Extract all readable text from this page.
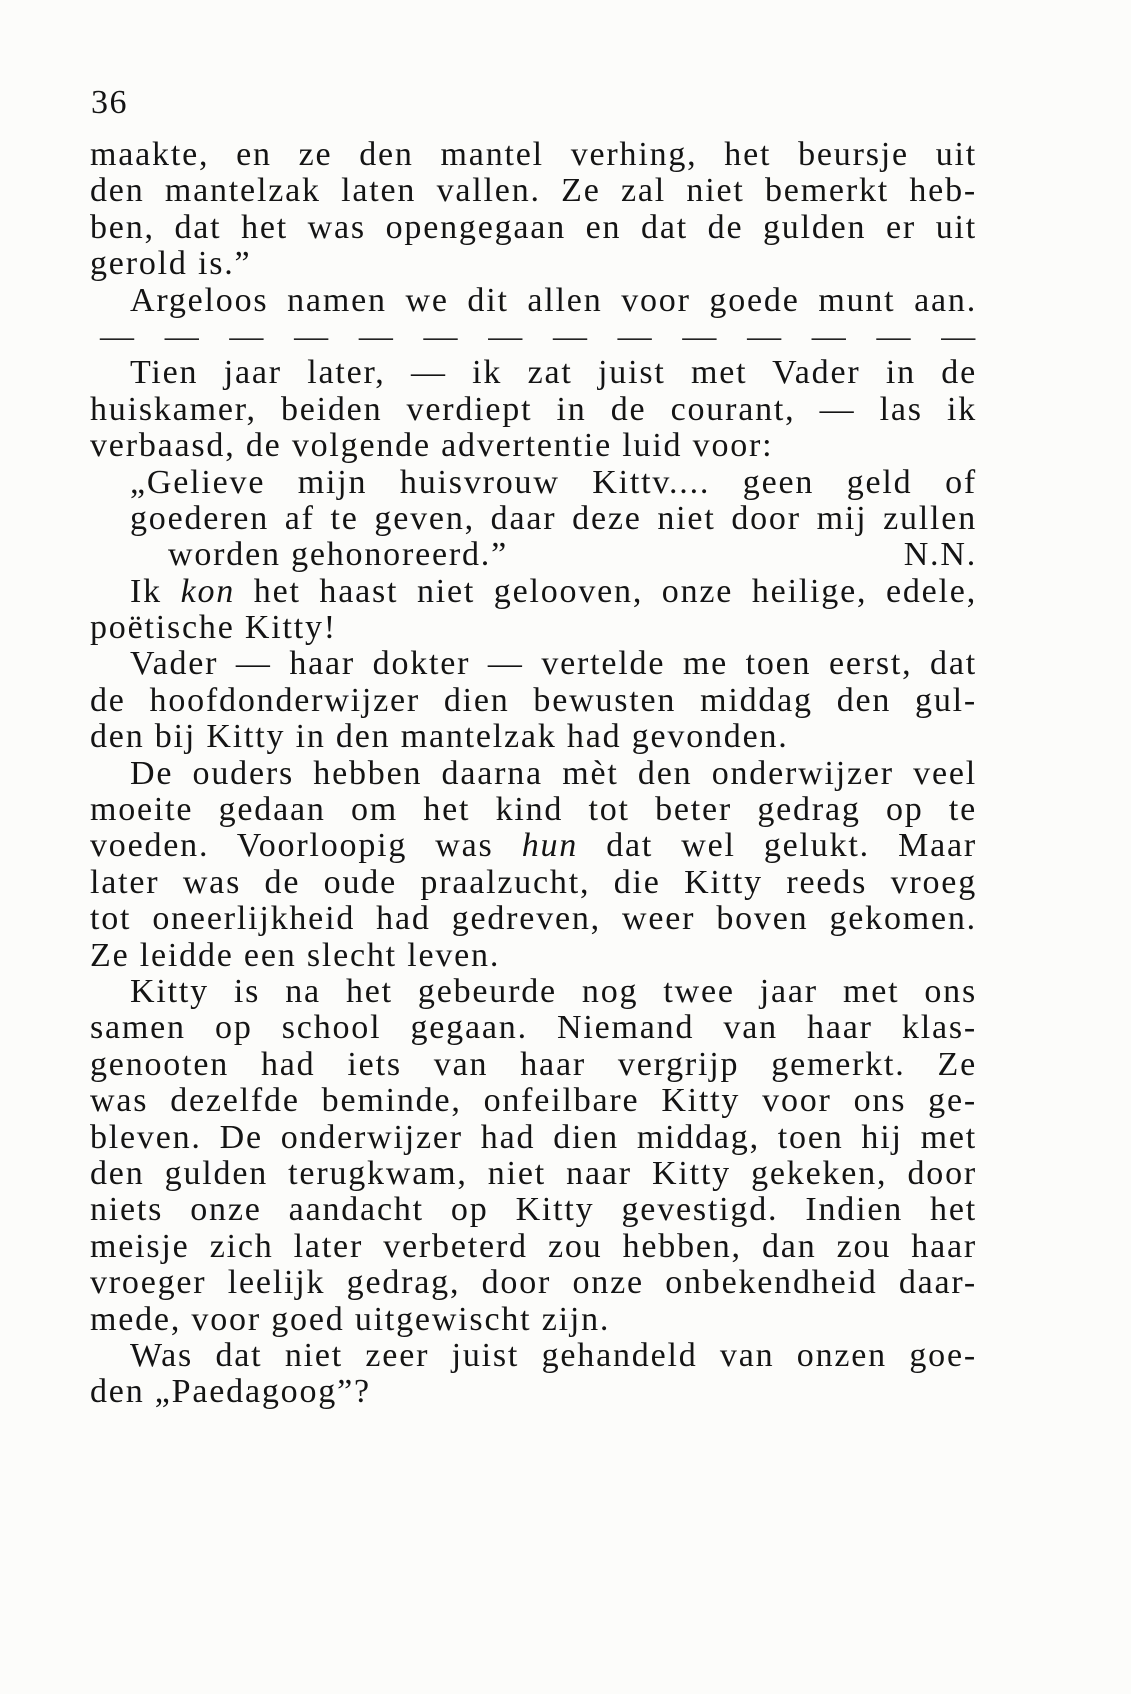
36
maakte, en ze den mantel verhing, het beursje uit
den mantelzak laten vallen. Ze zal niet bemerkt heb-
ben, dat het was opengegaan en dat de gulden er uit
gerold is.”
Argeloos namen we dit allen voor goede munt aan.
— — — — — — — — — — — — — —
Tien jaar later, — ik zat juist met Vader in de
huiskamer, beiden verdiept in de courant, — las ik
verbaasd, de volgende advertentie luid voor:
„Gelieve mijn huisvrouw Kittv.... geen geld of
goederen af te geven, daar deze niet door mij zullen
worden gehonoreerd.”	N.N.
Ik kon het haast niet gelooven, onze heilige, edele,
poëtische Kitty!
Vader — haar dokter — vertelde me toen eerst, dat
de hoofdonderwijzer dien bewusten middag den gul-
den bij Kitty in den mantelzak had gevonden.
De ouders hebben daarna mèt den onderwijzer veel
moeite gedaan om het kind tot beter gedrag op te
voeden. Voorloopig was hun dat wel gelukt. Maar
later was de oude praalzucht, die Kitty reeds vroeg
tot oneerlijkheid had gedreven, weer boven gekomen.
Ze leidde een slecht leven.
Kitty is na het gebeurde nog twee jaar met ons
samen op school gegaan. Niemand van haar klas-
genooten had iets van haar vergrijp gemerkt. Ze
was dezelfde beminde, onfeilbare Kitty voor ons ge-
bleven. De onderwijzer had dien middag, toen hij met
den gulden terugkwam, niet naar Kitty gekeken, door
niets onze aandacht op Kitty gevestigd. Indien het
meisje zich later verbeterd zou hebben, dan zou haar
vroeger leelijk gedrag, door onze onbekendheid daar-
mede, voor goed uitgewischt zijn.
Was dat niet zeer juist gehandeld van onzen goe-
den „Paedagoog”?
